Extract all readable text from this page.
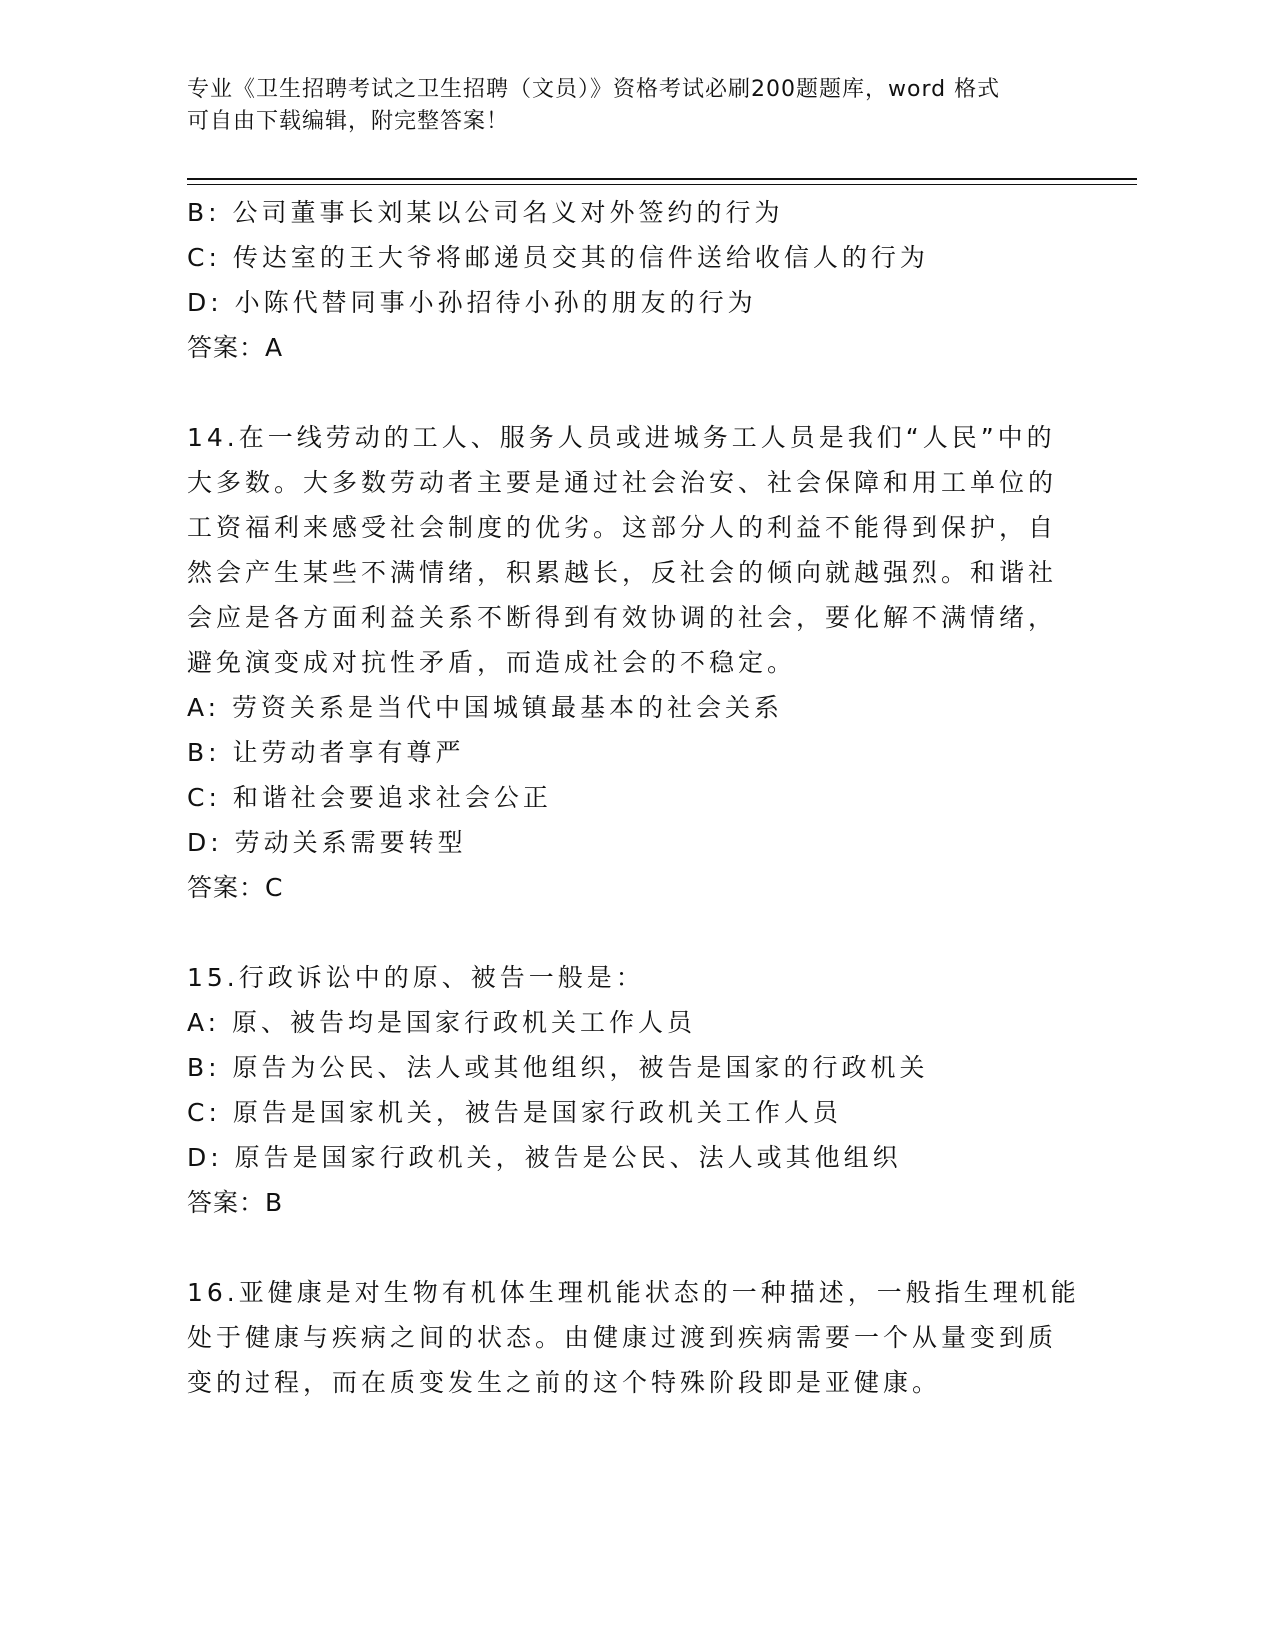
专业《卫生招聘考试之卫生招聘（文员）》资格考试必刷200题题库，word 格式
可自由下载编辑，附完整答案！
B: 公司董事长刘某以公司名义对外签约的行为
C: 传达室的王大爷将邮递员交其的信件送给收信人的行为
D: 小陈代替同事小孙招待小孙的朋友的行为
答案：A
14.在一线劳动的工人、服务人员或进城务工人员是我们“人民”中的
大多数。大多数劳动者主要是通过社会治安、社会保障和用工单位的
工资福利来感受社会制度的优劣。这部分人的利益不能得到保护，自
然会产生某些不满情绪，积累越长，反社会的倾向就越强烈。和谐社
会应是各方面利益关系不断得到有效协调的社会，要化解不满情绪，
避免演变成对抗性矛盾，而造成社会的不稳定。
A: 劳资关系是当代中国城镇最基本的社会关系
B: 让劳动者享有尊严
C: 和谐社会要追求社会公正
D: 劳动关系需要转型
答案：C
15.行政诉讼中的原、被告一般是：
A: 原、被告均是国家行政机关工作人员
B: 原告为公民、法人或其他组织，被告是国家的行政机关
C: 原告是国家机关，被告是国家行政机关工作人员
D: 原告是国家行政机关，被告是公民、法人或其他组织
答案：B
16.亚健康是对生物有机体生理机能状态的一种描述，一般指生理机能
处于健康与疾病之间的状态。由健康过渡到疾病需要一个从量变到质
变的过程，而在质变发生之前的这个特殊阶段即是亚健康。
